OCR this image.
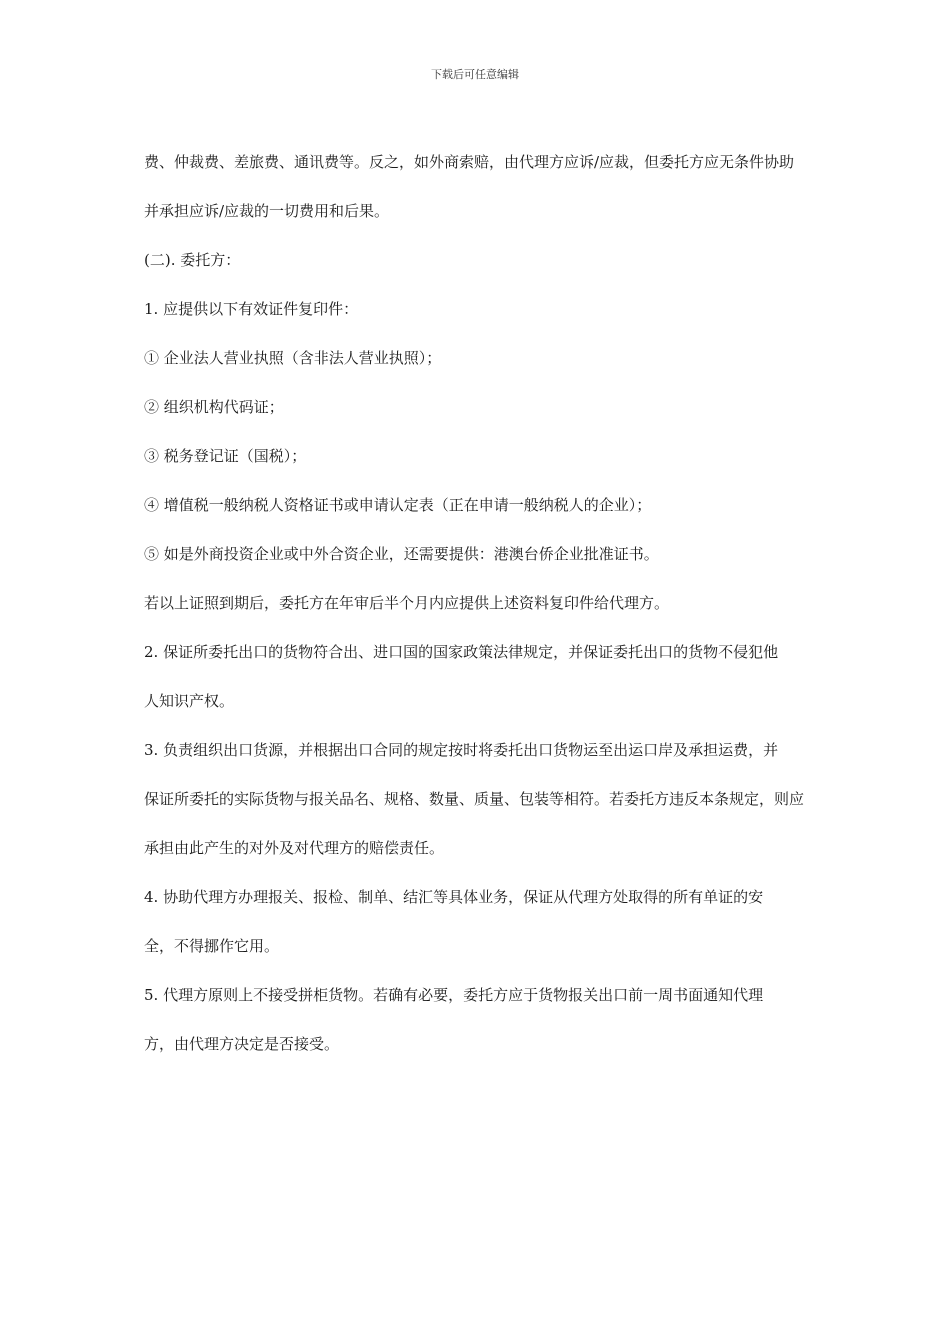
下载后可任意编辑

费、仲裁费、差旅费、通讯费等。反之，如外商索赔，由代理方应诉/应裁，但委托方应无条件协助

并承担应诉/应裁的一切费用和后果。

(二). 委托方：

1. 应提供以下有效证件复印件：

① 企业法人营业执照（含非法人营业执照）；

② 组织机构代码证；

③ 税务登记证（国税）；

④ 增值税一般纳税人资格证书或申请认定表（正在申请一般纳税人的企业）；

⑤ 如是外商投资企业或中外合资企业，还需要提供：港澳台侨企业批准证书。

若以上证照到期后，委托方在年审后半个月内应提供上述资料复印件给代理方。

2. 保证所委托出口的货物符合出、进口国的国家政策法律规定，并保证委托出口的货物不侵犯他

人知识产权。

3. 负责组织出口货源，并根据出口合同的规定按时将委托出口货物运至出运口岸及承担运费，并

保证所委托的实际货物与报关品名、规格、数量、质量、包装等相符。若委托方违反本条规定，则应

承担由此产生的对外及对代理方的赔偿责任。

4. 协助代理方办理报关、报检、制单、结汇等具体业务，保证从代理方处取得的所有单证的安

全，不得挪作它用。

5. 代理方原则上不接受拼柜货物。若确有必要，委托方应于货物报关出口前一周书面通知代理

方，由代理方决定是否接受。
